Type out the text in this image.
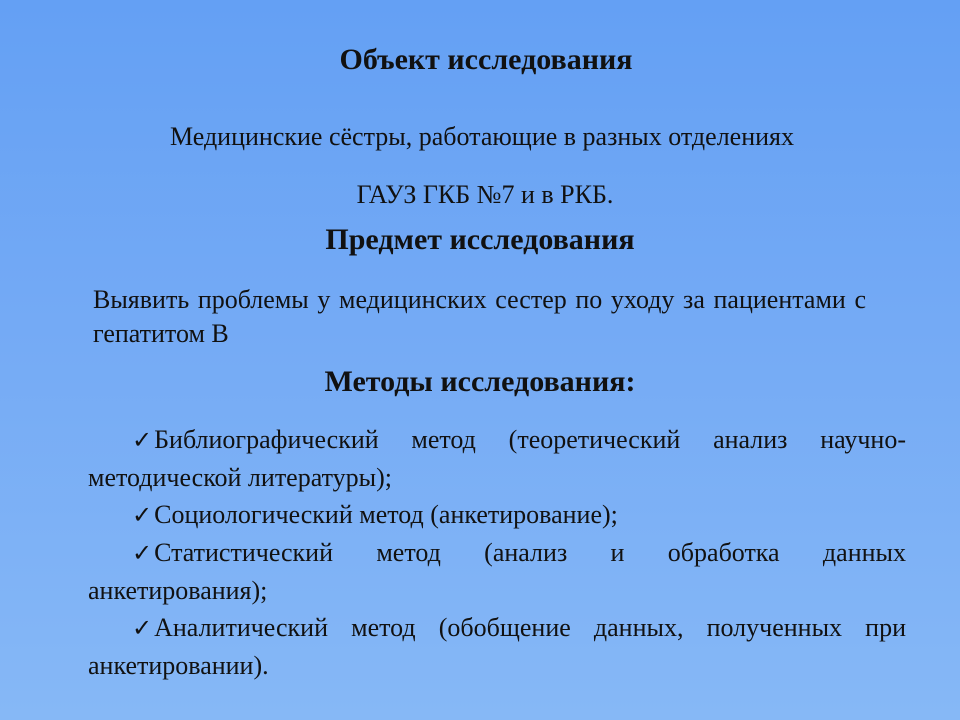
Объект исследования
Медицинские сёстры, работающие в разных отделениях
ГАУЗ ГКБ №7 и в РКБ.
Предмет исследования
Выявить проблемы у медицинских сестер по уходу за пациентами с гепатитом В
Методы исследования:
✓Библиографический метод (теоретический анализ научно-методической литературы);
✓Социологический метод (анкетирование);
✓Статистический метод (анализ и обработка данных анкетирования);
✓Аналитический метод (обобщение данных, полученных при анкетировании).
